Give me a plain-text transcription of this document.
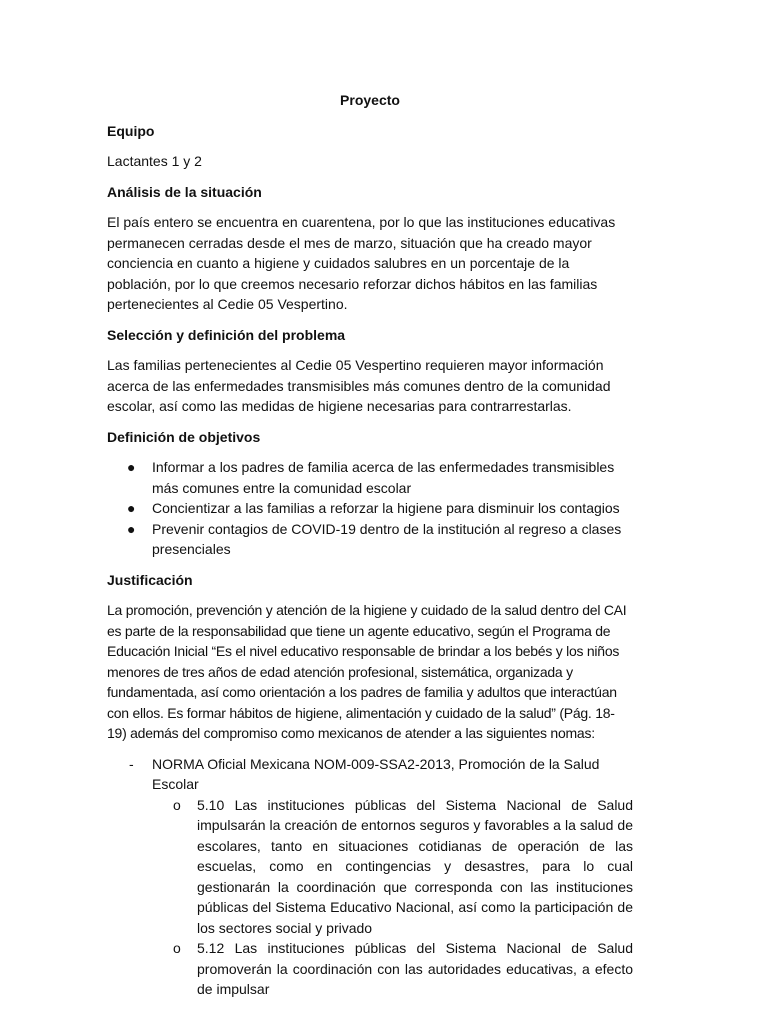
Proyecto
Equipo

Lactantes 1 y 2

Análisis de la situación

El país entero se encuentra en cuarentena, por lo que las instituciones educativas permanecen cerradas desde el mes de marzo, situación que ha creado mayor conciencia en cuanto a higiene y cuidados salubres en un porcentaje de la población, por lo que creemos necesario reforzar dichos hábitos en las familias pertenecientes al Cedie 05 Vespertino.

Selección y definición del problema

Las familias pertenecientes al Cedie 05 Vespertino requieren mayor información acerca de las enfermedades transmisibles más comunes dentro de la comunidad escolar, así como las medidas de higiene necesarias para contrarrestarlas.

Definición de objetivos
● Informar a los padres de familia acerca de las enfermedades transmisibles más comunes entre la comunidad escolar
● Concientizar a las familias a reforzar la higiene para disminuir los contagios
● Prevenir contagios de COVID-19 dentro de la institución al regreso a clases presenciales
Justificación

La promoción, prevención y atención de la higiene y cuidado de la salud dentro del CAI es parte de la responsabilidad que tiene un agente educativo, según el Programa de Educación Inicial “Es el nivel educativo responsable de brindar a los bebés y los niños menores de tres años de edad atención profesional, sistemática, organizada y fundamentada, así como orientación a los padres de familia y adultos que interactúan con ellos. Es formar hábitos de higiene, alimentación y cuidado de la salud” (Pág. 18-19) además del compromiso como mexicanos de atender a las siguientes nomas:

- NORMA Oficial Mexicana NOM-009-SSA2-2013, Promoción de la Salud Escolar
o 5.10 Las instituciones públicas del Sistema Nacional de Salud impulsarán la creación de entornos seguros y favorables a la salud de escolares, tanto en situaciones cotidianas de operación de las escuelas, como en contingencias y desastres, para lo cual gestionarán la coordinación que corresponda con las instituciones públicas del Sistema Educativo Nacional, así como la participación de los sectores social y privado
o 5.12 Las instituciones públicas del Sistema Nacional de Salud promoverán la coordinación con las autoridades educativas, a efecto de impulsar
